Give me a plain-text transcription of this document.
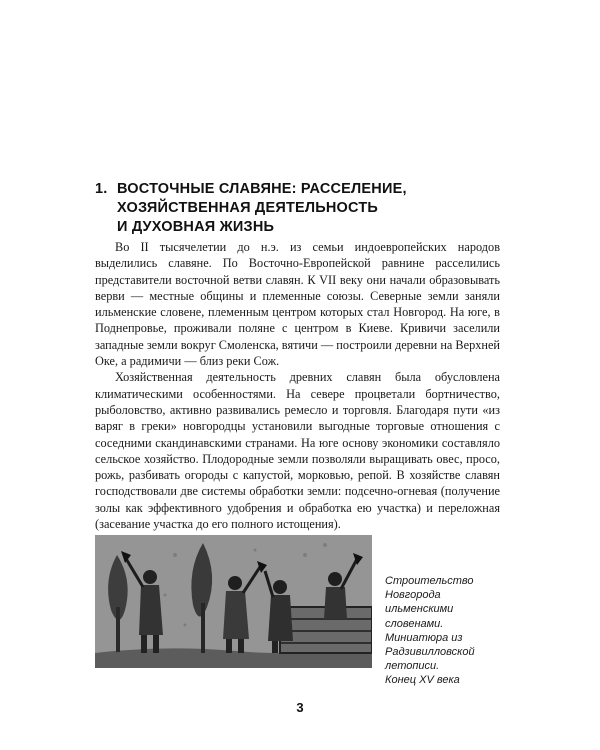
1. ВОСТОЧНЫЕ СЛАВЯНЕ: РАССЕЛЕНИЕ,
ХОЗЯЙСТВЕННАЯ ДЕЯТЕЛЬНОСТЬ
И ДУХОВНАЯ ЖИЗНЬ

Во II тысячелетии до н.э. из семьи индоевропейских народов выделились славяне. По Восточно-Европейской равнине расселились представители восточной ветви славян. К VII веку они начали образовывать верви — местные общины и племенные союзы. Северные земли заняли ильменские словене, племенным центром которых стал Новгород. На юге, в Поднепровье, проживали поляне с центром в Киеве. Кривичи заселили западные земли вокруг Смоленска, вятичи — построили деревни на Верхней Оке, а радимичи — близ реки Сож.

Хозяйственная деятельность древних славян была обусловлена климатическими особенностями. На севере процветали бортничество, рыболовство, активно развивались ремесло и торговля. Благодаря пути «из варяг в греки» новгородцы установили выгодные торговые отношения с соседними скандинавскими странами. На юге основу экономики составляло сельское хозяйство. Плодородные земли позволяли выращивать овес, просо, рожь, разбивать огороды с капустой, морковью, репой. В хозяйстве славян господствовали две системы обработки земли: подсечно-огневая (получение золы как эффективного удобрения и обработка ею участка) и переложная (засевание участка до его полного истощения).

Строительство
Новгорода
ильменскими
словенами.
Миниатюра из
Радзивилловской
летописи.
Конец XV века
3
